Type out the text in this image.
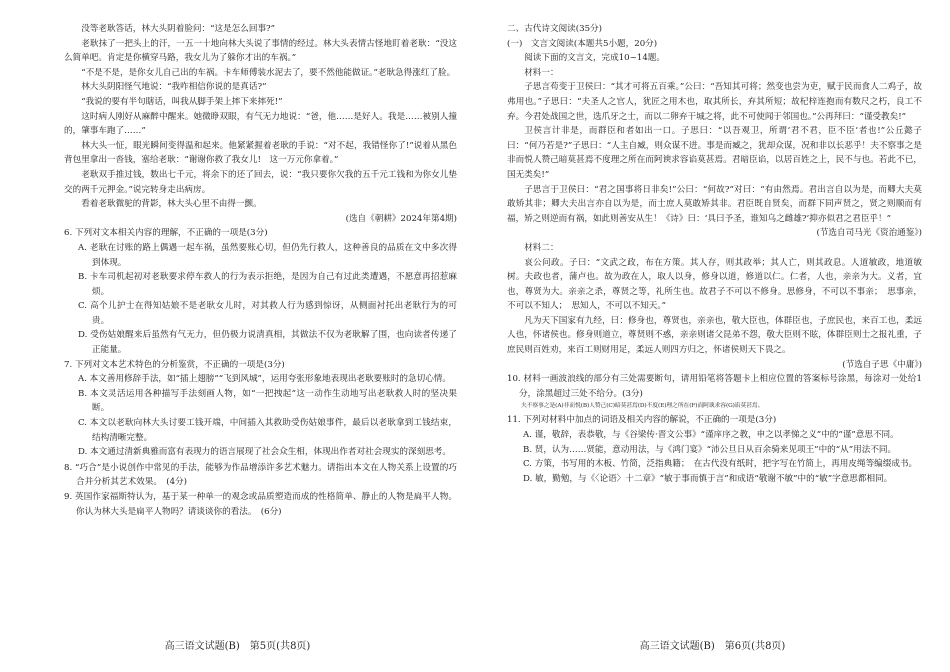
没等老耿答话，林大头阴着脸问：“这是怎么回事?”

老耿抹了一把头上的汗，一五一十地向林大头说了事情的经过。林大头表情古怪地盯着老耿：“没这么简单吧。肯定是你横穿马路，我女儿为了躲你才出的车祸。”

“不是不是，是你女儿自己出的车祸。卡车师傅装水泥去了，要不然他能做证。”老耿急得涨红了脸。

林大头阴阳怪气地说：“我咋相信你说的是真话?”

“我说的要有半句瞎话，叫我从脚手架上摔下来摔死!”

这时病人刚好从麻醉中醒来。她微睁双眼，有气无力地说：“爸，他……是好人。我是……被别人撞的，肇事车跑了……”

林大头一怔，眼光瞬间变得温和起来。他紧紧握着老耿的手说：“对不起，我错怪你了!”说着从黑色背包里拿出一沓钱，塞给老耿：“谢谢你救了我女儿!　这一万元你拿着。”

老耿双手推过钱，数出七千元，将余下的还了回去，说：“我只要你欠我的五千元工钱和为你女儿垫交的两千元押金。”说完转身走出病房。

看着老耿微驼的背影，林大头心里不由得一颤。

(选自《朝耕》2024年第4期)

6. 下列对文本相关内容的理解，不正确的一项是(3分)

A. 老耿在讨账的路上偶遇一起车祸，虽然要账心切，但仍先行救人，这种善良的品质在文中多次得到体现。

B. 卡车司机起初对老耿要求停车救人的行为表示拒绝，是因为自己有过此类遭遇，不愿意再招惹麻烦。

C. 高个儿护士在得知姑娘不是老耿女儿时，对其救人行为感到惊讶，从侧面衬托出老耿行为的可贵。

D. 受伤姑娘醒来后虽然有气无力，但仍极力说清真相，其做法不仅为老耿解了围，也向读者传递了正能量。

7. 下列对文本艺术特色的分析鉴赏，不正确的一项是(3分)

A. 本文善用修辞手法，如“插上翅膀”“飞到风城”，运用夸张形象地表现出老耿要账时的急切心情。

B. 本文灵活运用各种描写手法刻画人物，如“一把拽起”这一动作生动地写出老耿救人时的坚决果断。

C. 本文以老耿向林大头讨要工钱开端，中间插入其救助受伤姑娘事件，最后以老耿拿到工钱结束，结构清晰完整。

D. 本文通过清新典雅而富有表现力的语言展现了社会众生相，体现出作者对社会现实的深刻思考。

8. “巧合”是小说创作中常见的手法，能够为作品增添许多艺术魅力。请指出本文在人物关系上设置的巧合并分析其艺术效果。　(4分)

9. 英国作家福斯特认为，基于某一种单一的观念或品质塑造而成的性格简单、静止的人物是扁平人物。你认为林大头是扁平人物吗？请谈谈你的看法。　(6分)

高三语文试题(B)　第5页(共8页)

二、古代诗文阅读(35分)

(一)　文言文阅读(本题共5小题，20分)

阅读下面的文言文，完成10~14题。

材料一：

子思言苟变于卫侯曰：“其才可将五百乘。”公曰：“吾知其可将；然变也尝为吏，赋于民而食人二鸡子，故弗用也。”子思曰：“夫圣人之官人，犹匠之用木也，取其所长，弃其所短；故杞梓连抱而有数尺之朽，良工不弃。今君处战国之世，选爪牙之士，而以二卵弃干城之将，此不可使闻于邻国也。”公再拜曰：“谨受教矣!”

卫侯言计非是，而群臣和者如出一口。子思曰：“以吾观卫，所谓‘君不君，臣不臣’者也!”公丘懿子曰：“何乃若是?”子思曰：“人主自臧，则众谋不进。事是而臧之，犹却众谋，况和非以长恶乎！夫不察事之是非而悦人赞己暗莫甚焉不度理之所在而阿谀求容谄莫甚焉。君暗臣谄，以居百姓之上，民不与也。若此不已，国无类矣!”

子思言于卫侯曰：“君之国事将日非矣!”公曰：“何故?”对曰：“有由然焉。君出言自以为是，而卿大夫莫敢矫其非；卿大夫出言亦自以为是，而士庶人莫敢矫其非。君臣既自贤矣，而群下同声贤之，贤之则顺而有福，矫之则逆而有祸，如此则善安从生！《诗》曰：‘具曰予圣，谁知乌之雌雄?’抑亦似君之君臣乎！”

(节选自司马光《资治通鉴》)

材料二：

哀公问政。子曰：“文武之政，布在方策。其人存，则其政举；其人亡，则其政息。人道敏政，地道敏树。夫政也者，蒲卢也。故为政在人，取人以身，修身以道，修道以仁。仁者，人也，亲亲为大。义者，宜也，尊贤为大。亲亲之杀，尊贤之等，礼所生也。故君子不可以不修身。思修身，不可以不事亲；　思事亲，不可以不知人；　思知人，不可以不知天。”

凡为天下国家有九经，曰：修身也，尊贤也，亲亲也，敬大臣也，体群臣也，子庶民也，来百工也，柔远人也，怀诸侯也。修身则道立，尊贤则不惑，亲亲则诸父昆弟不怨，敬大臣则不眩，体群臣则士之报礼重，子庶民则百姓劝，来百工则财用足，柔远人则四方归之，怀诸侯则天下畏之。

(节选自子思《中庸》)

10. 材料一画波浪线的部分有三处需要断句，请用铅笔将答题卡上相应位置的答案标号涂黑，每涂对一处给1分，涂黑超过三处不给分。(3分)

夫不察事之是(A)非而悦(B)人赞己(C)暗莫甚焉(D)不度(E)理之所在(F)而阿谀求容(G)谄莫甚焉。

11. 下列对材料中加点的词语及相关内容的解说，不正确的一项是(3分)

A. 谨，敬辞，表恭敬，与《谷梁传·晋文公事》“谨庠序之教，申之以孝悌之义”中的“谨”意思不同。

B. 贤，认为……贤能，意动用法，与《鸿门宴》“沛公旦日从百余骑来见项王”中的“从”用法不同。

C. 方策，书写用的木板、竹简，泛指典籍；　在古代没有纸时，把字写在竹简上，再用皮绳等编缀成书。

D. 敏，勤勉，与《〈论语〉十二章》“敏于事而慎于言”和成语“敬谢不敏”中的“敏”字意思都相同。

高三语文试题(B)　第6页(共8页)
